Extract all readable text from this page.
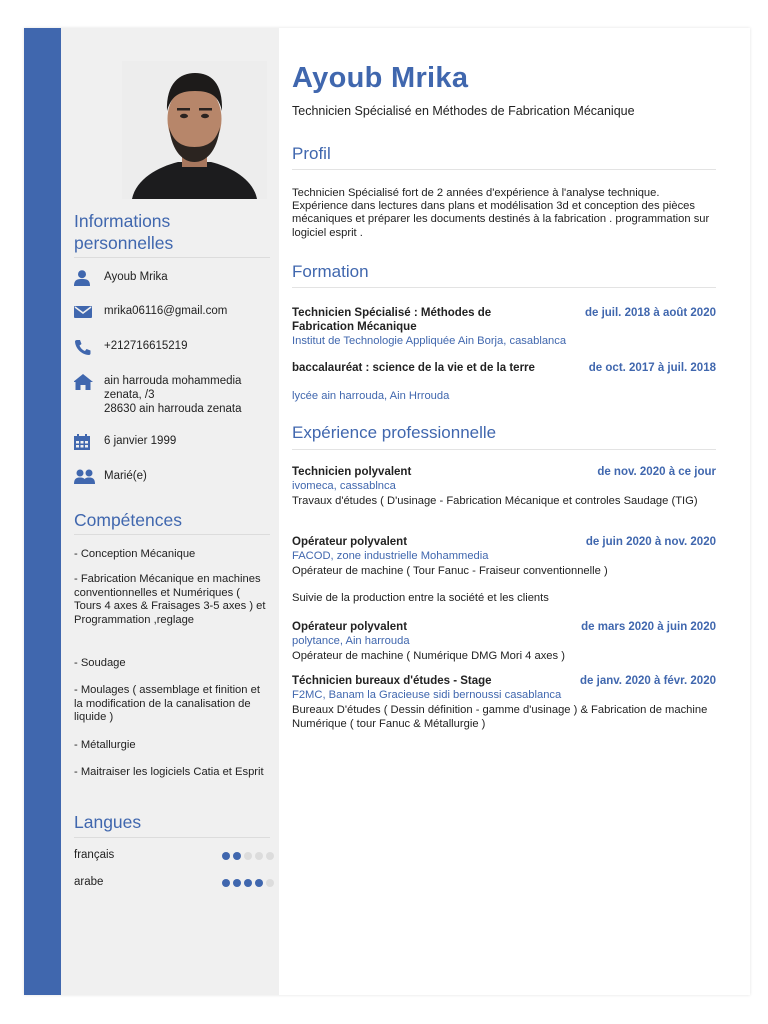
Informations
personnelles
Ayoub Mrika
mrika06116@gmail.com
+212716615219
ain harrouda mohammedia zenata, /3
28630 ain harrouda zenata
6 janvier 1999
Marié(e)
Compétences
- Conception Mécanique
- Fabrication Mécanique en machines conventionnelles et Numériques ( Tours 4 axes & Fraisages 3-5 axes ) et Programmation ,reglage
- Soudage
- Moulages ( assemblage et finition et la modification de la canalisation de liquide )
- Métallurgie
- Maitraiser les logiciels Catia et Esprit
Langues
français
arabe
Ayoub Mrika
Technicien Spécialisé en Méthodes de Fabrication Mécanique
Profil
Technicien Spécialisé fort de 2 années d'expérience à l'analyse technique. Expérience dans lectures dans plans et modélisation 3d et conception des pièces mécaniques et préparer les documents destinés à la fabrication . programmation sur logiciel esprit .
Formation
Technicien Spécialisé : Méthodes de Fabrication Mécanique
de juil. 2018 à août 2020
Institut de Technologie Appliquée Ain Borja, casablanca
baccalauréat : science de la vie et de la terre	de oct. 2017 à juil. 2018
lycée ain harrouda, Ain Hrrouda
Expérience professionnelle
Technicien polyvalent	de nov. 2020 à ce jour
ivomeca, cassablnca
Travaux d'études ( D'usinage - Fabrication Mécanique et controles Saudage (TIG)
Opérateur polyvalent	de juin 2020 à nov. 2020
FACOD, zone industrielle Mohammedia
Opérateur de machine ( Tour Fanuc - Fraiseur conventionnelle )

Suivie de la production entre la société et les clients
Opérateur polyvalent	de mars 2020 à juin 2020
polytance, Ain harrouda
Opérateur de machine ( Numérique DMG Mori 4 axes )
Téchnicien bureaux d'études - Stage	de janv. 2020 à févr. 2020
F2MC, Banam la Gracieuse sidi bernoussi casablanca
Bureaux D'études ( Dessin définition - gamme d'usinage ) & Fabrication de machine Numérique ( tour Fanuc & Métallurgie )
